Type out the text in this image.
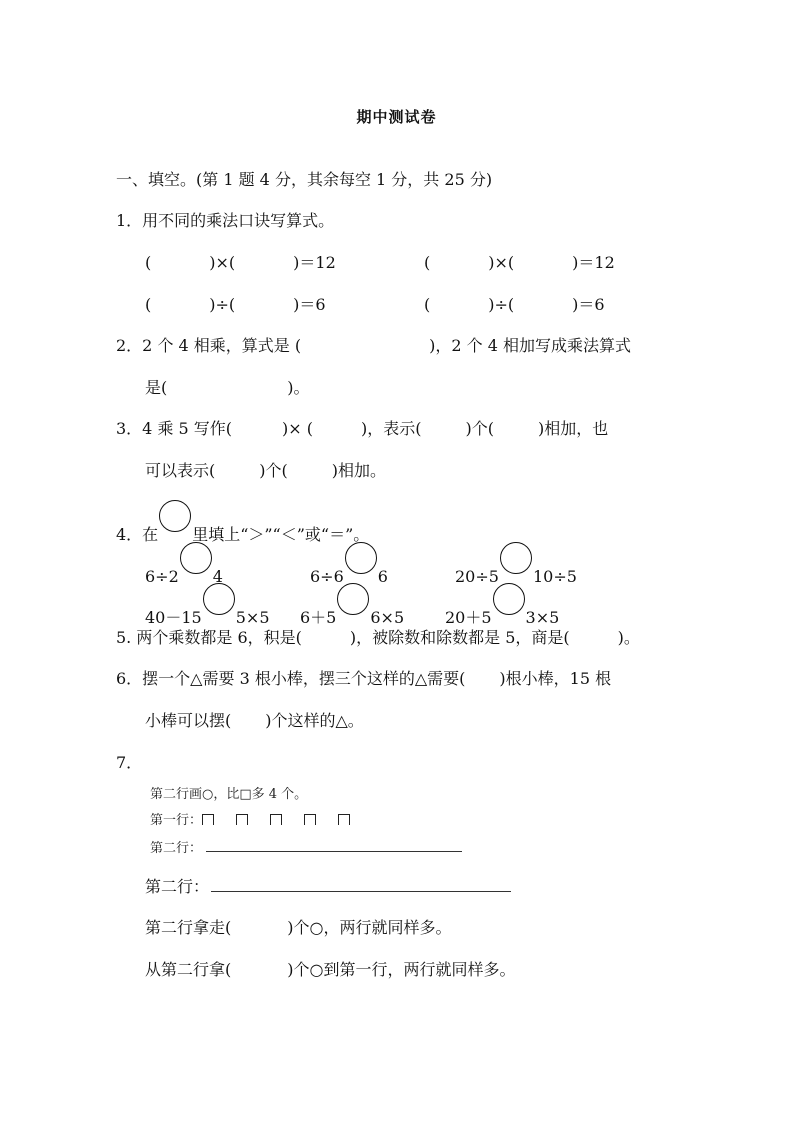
期中测试卷
一、填空。(第 1 题 4 分，其余每空 1 分，共 25 分)
1．用不同的乘法口诀写算式。
(	)×(	)＝12	(	)×(	)＝12
(	)÷(	)＝6	(	)÷(	)＝6
2．2 个 4 相乘，算式是 (	)，2 个 4 相加写成乘法算式
是(	)。
3．4 乘 5 写作(	)× (	)，表示(	)个(	)相加，也
可以表示(	)个(	)相加。
4．在 里填上“＞”“＜”或“＝”。
6÷2 4	6÷6 6	20÷5 10÷5
40－15 5×5 6＋5 6×5	20＋5 3×5
5. 两个乘数都是 6，积是(	)，被除数和除数都是 5，商是(	)。
6．摆一个△需要 3 根小棒，摆三个这样的△需要( )根小棒，15 根
小棒可以摆( )个这样的△。
7．
第二行画○，比□多 4 个。
第一行：
第二行：
第二行：
第二行拿走(	)个○，两行就同样多。
从第二行拿(	)个○到第一行，两行就同样多。
